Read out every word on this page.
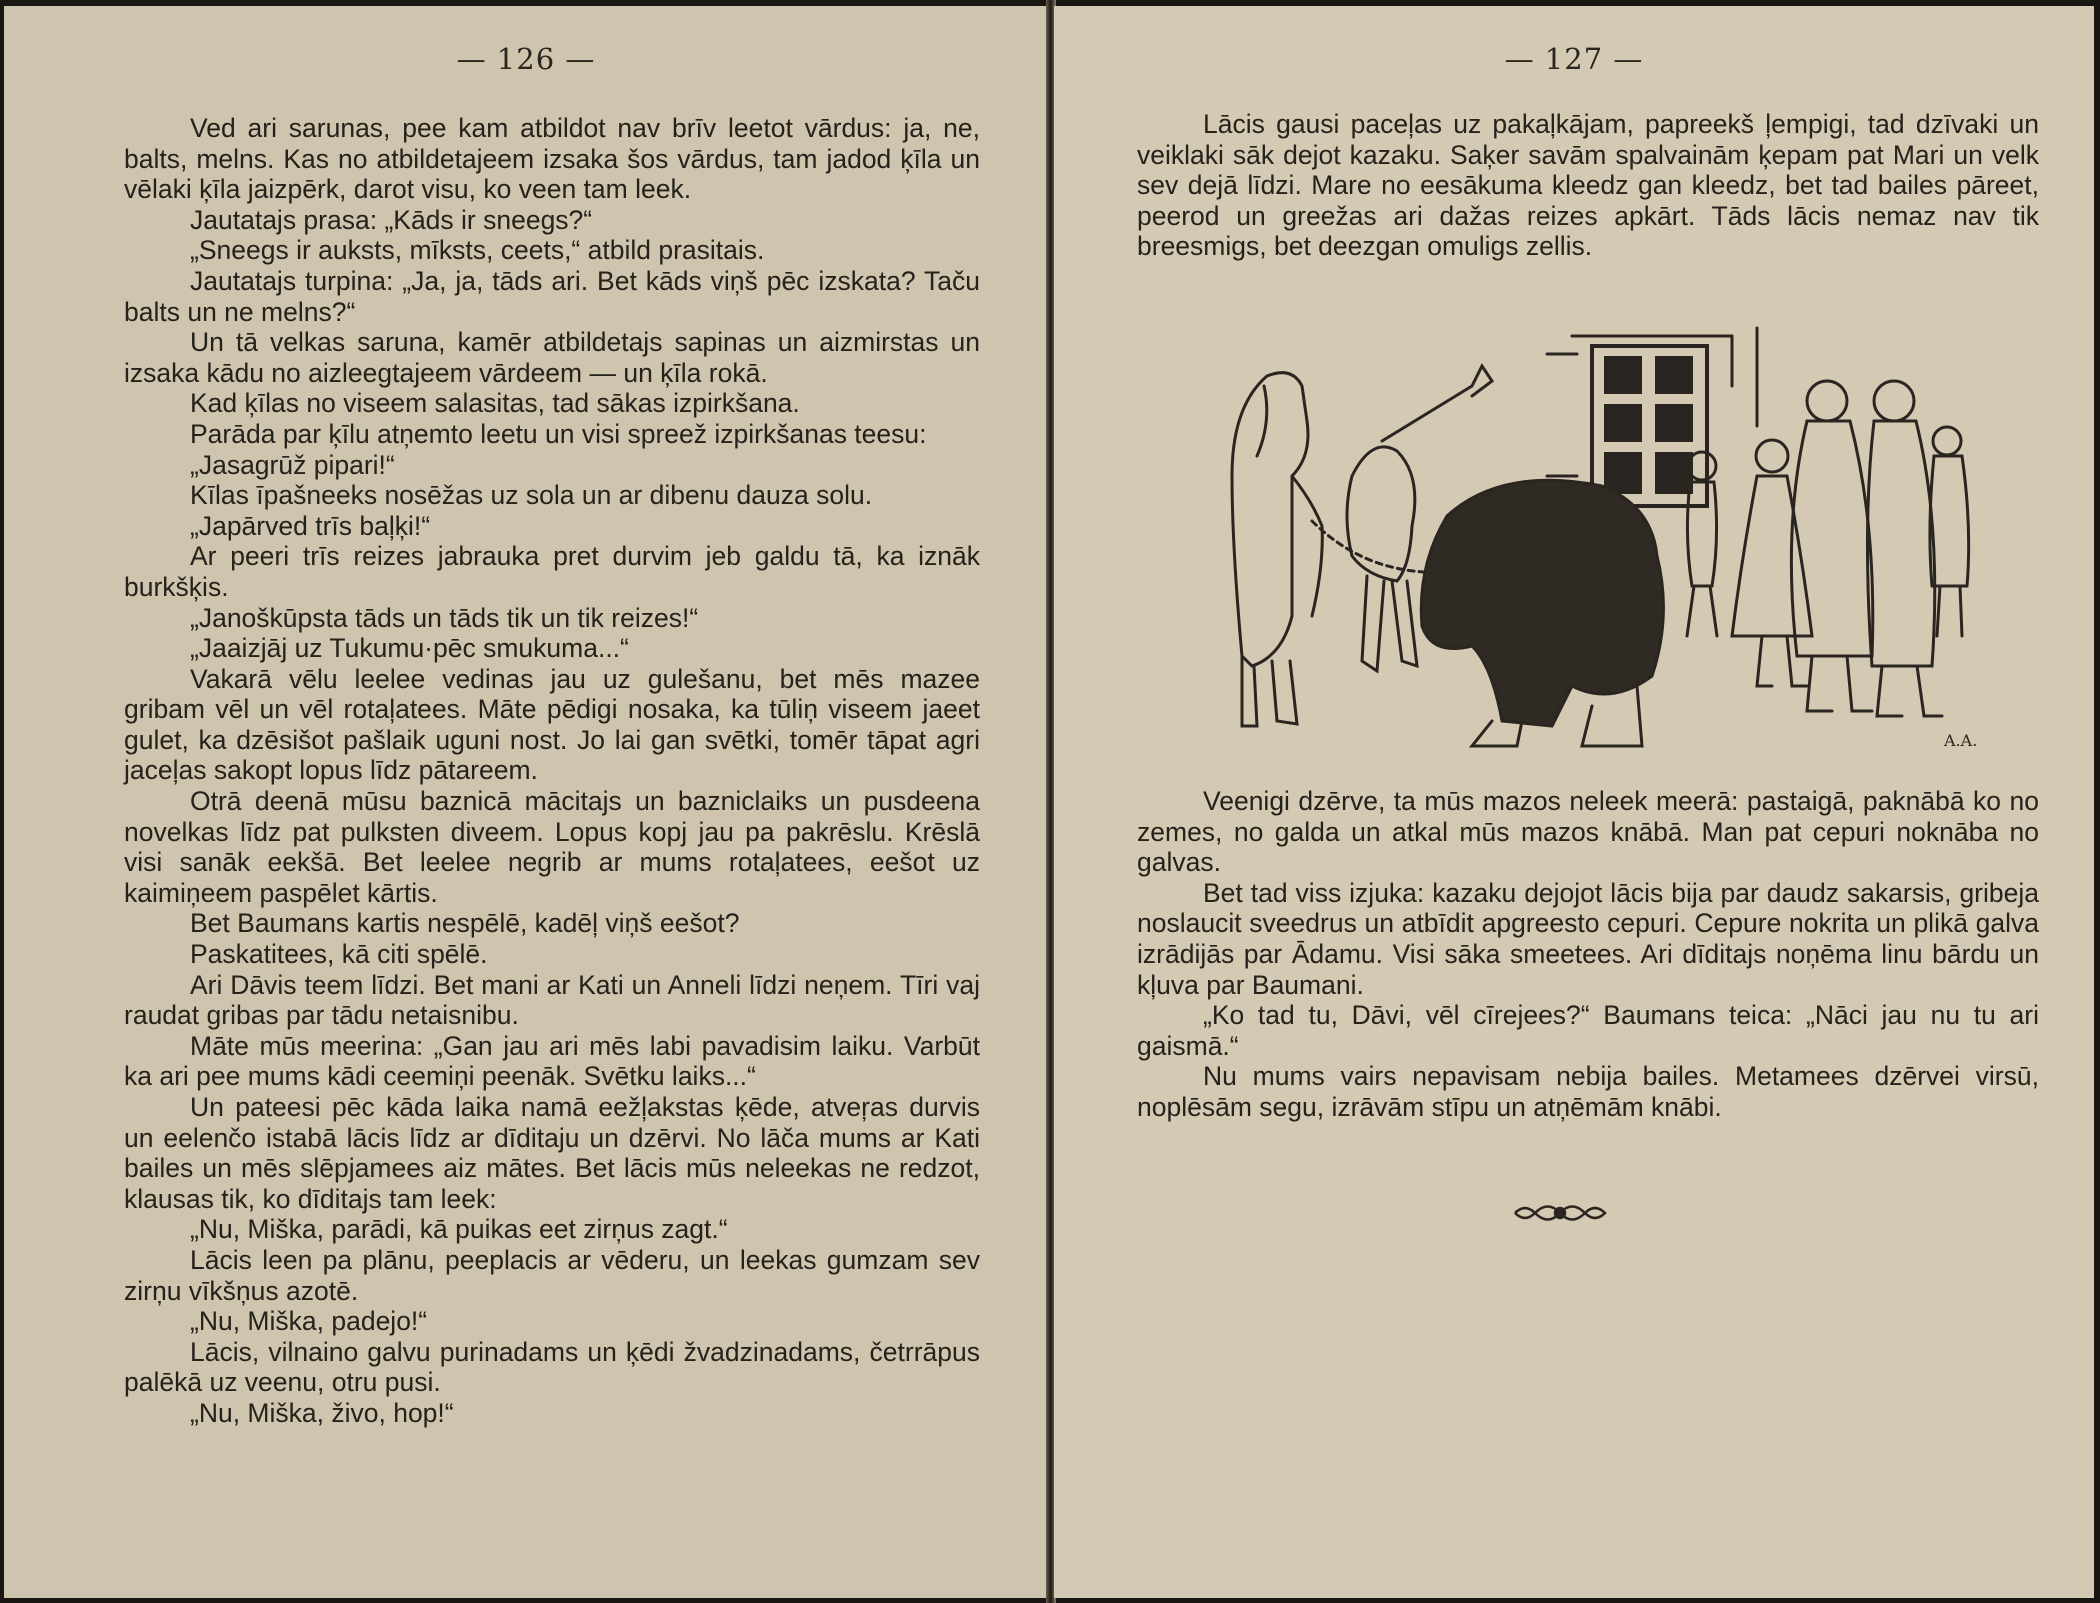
— 126 —

Ved ari sarunas, pee kam atbildot nav brīv leetot vārdus: ja, ne, balts, melns. Kas no atbildetajeem izsaka šos vārdus, tam jadod ķīla un vēlaki ķīla jaizpērk, darot visu, ko veen tam leek.

Jautatajs prasa: „Kāds ir sneegs?“

„Sneegs ir auksts, mīksts, ceets,“ atbild prasitais.

Jautatajs turpina: „Ja, ja, tāds ari. Bet kāds viņš pēc izskata? Taču balts un ne melns?“

Un tā velkas saruna, kamēr atbildetajs sapinas un aizmirstas un izsaka kādu no aizleegtajeem vārdeem — un ķīla rokā.

Kad ķīlas no viseem salasitas, tad sākas izpirkšana.

Parāda par ķīlu atņemto leetu un visi spreež izpirkšanas teesu:

„Jasagrūž pipari!“

Kīlas īpašneeks nosēžas uz sola un ar dibenu dauza solu.

„Japārved trīs baļķi!“

Ar peeri trīs reizes jabrauka pret durvim jeb galdu tā, ka iznāk burkšķis.

„Janoškūpsta tāds un tāds tik un tik reizes!“

„Jaaizjāj uz Tukumu·pēc smukuma...“

Vakarā vēlu leelee vedinas jau uz gulešanu, bet mēs mazee gribam vēl un vēl rotaļatees. Māte pēdigi nosaka, ka tūliņ viseem jaeet gulet, ka dzēsišot pašlaik uguni nost. Jo lai gan svētki, tomēr tāpat agri jaceļas sakopt lopus līdz pātareem.

Otrā deenā mūsu baznicā mācitajs un bazniclaiks un pusdeena novelkas līdz pat pulksten diveem. Lopus kopj jau pa pakrēslu. Krēslā visi sanāk eekšā. Bet leelee negrib ar mums rotaļatees, eešot uz kaimiņeem paspēlet kārtis.

Bet Baumans kartis nespēlē, kadēļ viņš eešot?

Paskatitees, kā citi spēlē.

Ari Dāvis teem līdzi. Bet mani ar Kati un Anneli līdzi neņem. Tīri vaj raudat gribas par tādu netaisnibu.

Māte mūs meerina: „Gan jau ari mēs labi pavadisim laiku. Varbūt ka ari pee mums kādi ceemiņi peenāk. Svētku laiks...“

Un pateesi pēc kāda laika namā eežļakstas ķēde, atveŗas durvis un eelenčo istabā lācis līdz ar dīditaju un dzērvi. No lāča mums ar Kati bailes un mēs slēpjamees aiz mātes. Bet lācis mūs neleekas ne redzot, klausas tik, ko dīditajs tam leek:

„Nu, Miška, parādi, kā puikas eet zirņus zagt.“

Lācis leen pa plānu, peeplacis ar vēderu, un leekas gumzam sev zirņu vīkšņus azotē.

„Nu, Miška, padejo!“

Lācis, vilnaino galvu purinadams un ķēdi žvadzinadams, četrrāpus palēkā uz veenu, otru pusi.

„Nu, Miška, živo, hop!“

— 127 —

Lācis gausi paceļas uz pakaļkājam, papreekš ļempigi, tad dzīvaki un veiklaki sāk dejot kazaku. Saķer savām spalvainām ķepam pat Mari un velk sev dejā līdzi. Mare no eesākuma kleedz gan kleedz, bet tad bailes pāreet, peerod un greežas ari dažas reizes apkārt. Tāds lācis nemaz nav tik breesmigs, bet deezgan omuligs zellis.

A.A.

Veenigi dzērve, ta mūs mazos neleek meerā: pastaigā, paknābā ko no zemes, no galda un atkal mūs mazos knābā. Man pat cepuri noknāba no galvas.

Bet tad viss izjuka: kazaku dejojot lācis bija par daudz sakarsis, gribeja noslaucit sveedrus un atbīdit apgreesto cepuri. Cepure nokrita un plikā galva izrādijās par Ādamu. Visi sāka smeetees. Ari dīditajs noņēma linu bārdu un kļuva par Baumani.

„Ko tad tu, Dāvi, vēl cīrejees?“ Baumans teica: „Nāci jau nu tu ari gaismā.“

Nu mums vairs nepavisam nebija bailes. Metamees dzērvei virsū, noplēsām segu, izrāvām stīpu un atņēmām knābi.
